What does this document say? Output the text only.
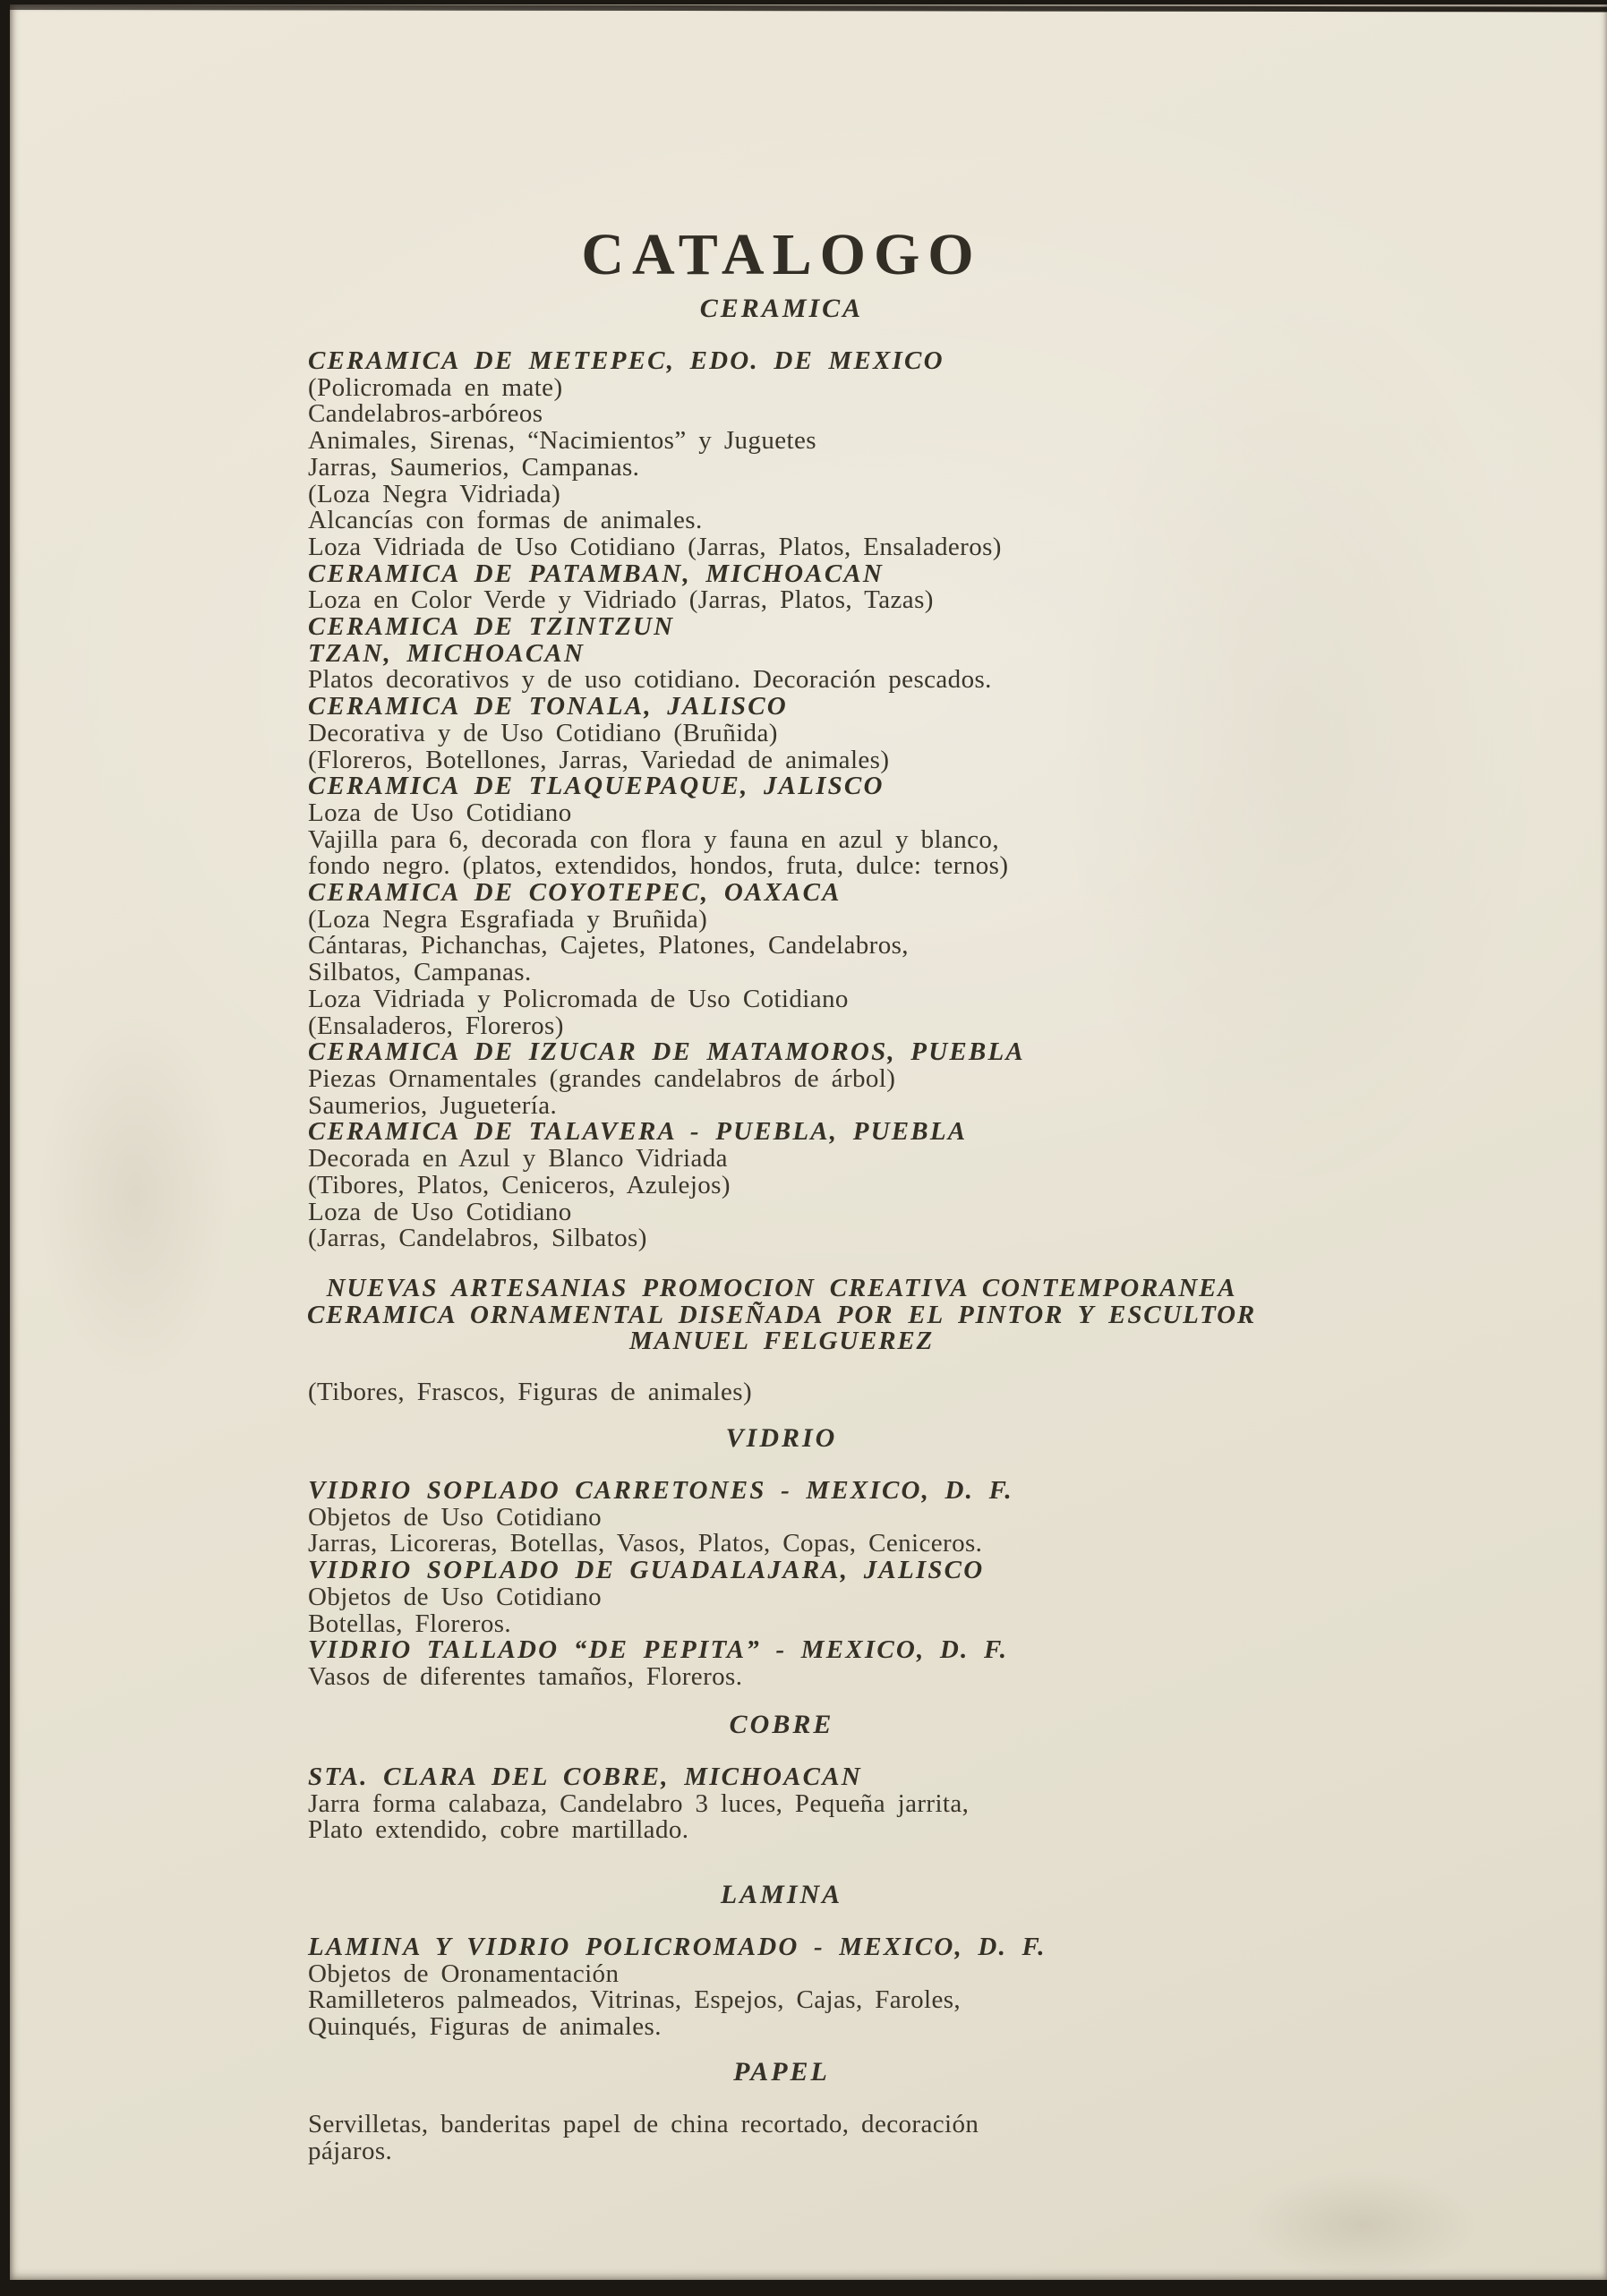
CATALOGO
CERAMICA
CERAMICA DE METEPEC, EDO. DE MEXICO
(Policromada en mate)
Candelabros-arbóreos
Animales, Sirenas, “Nacimientos” y Juguetes
Jarras, Saumerios, Campanas.
(Loza Negra Vidriada)
Alcancías con formas de animales.
Loza Vidriada de Uso Cotidiano (Jarras, Platos, Ensaladeros)
CERAMICA DE PATAMBAN, MICHOACAN
Loza en Color Verde y Vidriado (Jarras, Platos, Tazas)
CERAMICA DE TZINTZUN
TZAN, MICHOACAN
Platos decorativos y de uso cotidiano. Decoración pescados.
CERAMICA DE TONALA, JALISCO
Decorativa y de Uso Cotidiano (Bruñida)
(Floreros, Botellones, Jarras, Variedad de animales)
CERAMICA DE TLAQUEPAQUE, JALISCO
Loza de Uso Cotidiano
Vajilla para 6, decorada con flora y fauna en azul y blanco,
fondo negro. (platos, extendidos, hondos, fruta, dulce: ternos)
CERAMICA DE COYOTEPEC, OAXACA
(Loza Negra Esgrafiada y Bruñida)
Cántaras, Pichanchas, Cajetes, Platones, Candelabros,
Silbatos, Campanas.
Loza Vidriada y Policromada de Uso Cotidiano
(Ensaladeros, Floreros)
CERAMICA DE IZUCAR DE MATAMOROS, PUEBLA
Piezas Ornamentales (grandes candelabros de árbol)
Saumerios, Juguetería.
CERAMICA DE TALAVERA - PUEBLA, PUEBLA
Decorada en Azul y Blanco Vidriada
(Tibores, Platos, Ceniceros, Azulejos)
Loza de Uso Cotidiano
(Jarras, Candelabros, Silbatos)
NUEVAS ARTESANIAS PROMOCION CREATIVA CONTEMPORANEA
CERAMICA ORNAMENTAL DISEÑADA POR EL PINTOR Y ESCULTOR
MANUEL FELGUEREZ
(Tibores, Frascos, Figuras de animales)
VIDRIO
VIDRIO SOPLADO CARRETONES - MEXICO, D. F.
Objetos de Uso Cotidiano
Jarras, Licoreras, Botellas, Vasos, Platos, Copas, Ceniceros.
VIDRIO SOPLADO DE GUADALAJARA, JALISCO
Objetos de Uso Cotidiano
Botellas, Floreros.
VIDRIO TALLADO “DE PEPITA” - MEXICO, D. F.
Vasos de diferentes tamaños, Floreros.
COBRE
STA. CLARA DEL COBRE, MICHOACAN
Jarra forma calabaza, Candelabro 3 luces, Pequeña jarrita,
Plato extendido, cobre martillado.
LAMINA
LAMINA Y VIDRIO POLICROMADO - MEXICO, D. F.
Objetos de Oronamentación
Ramilleteros palmeados, Vitrinas, Espejos, Cajas, Faroles,
Quinqués, Figuras de animales.
PAPEL
Servilletas, banderitas papel de china recortado, decoración
pájaros.
